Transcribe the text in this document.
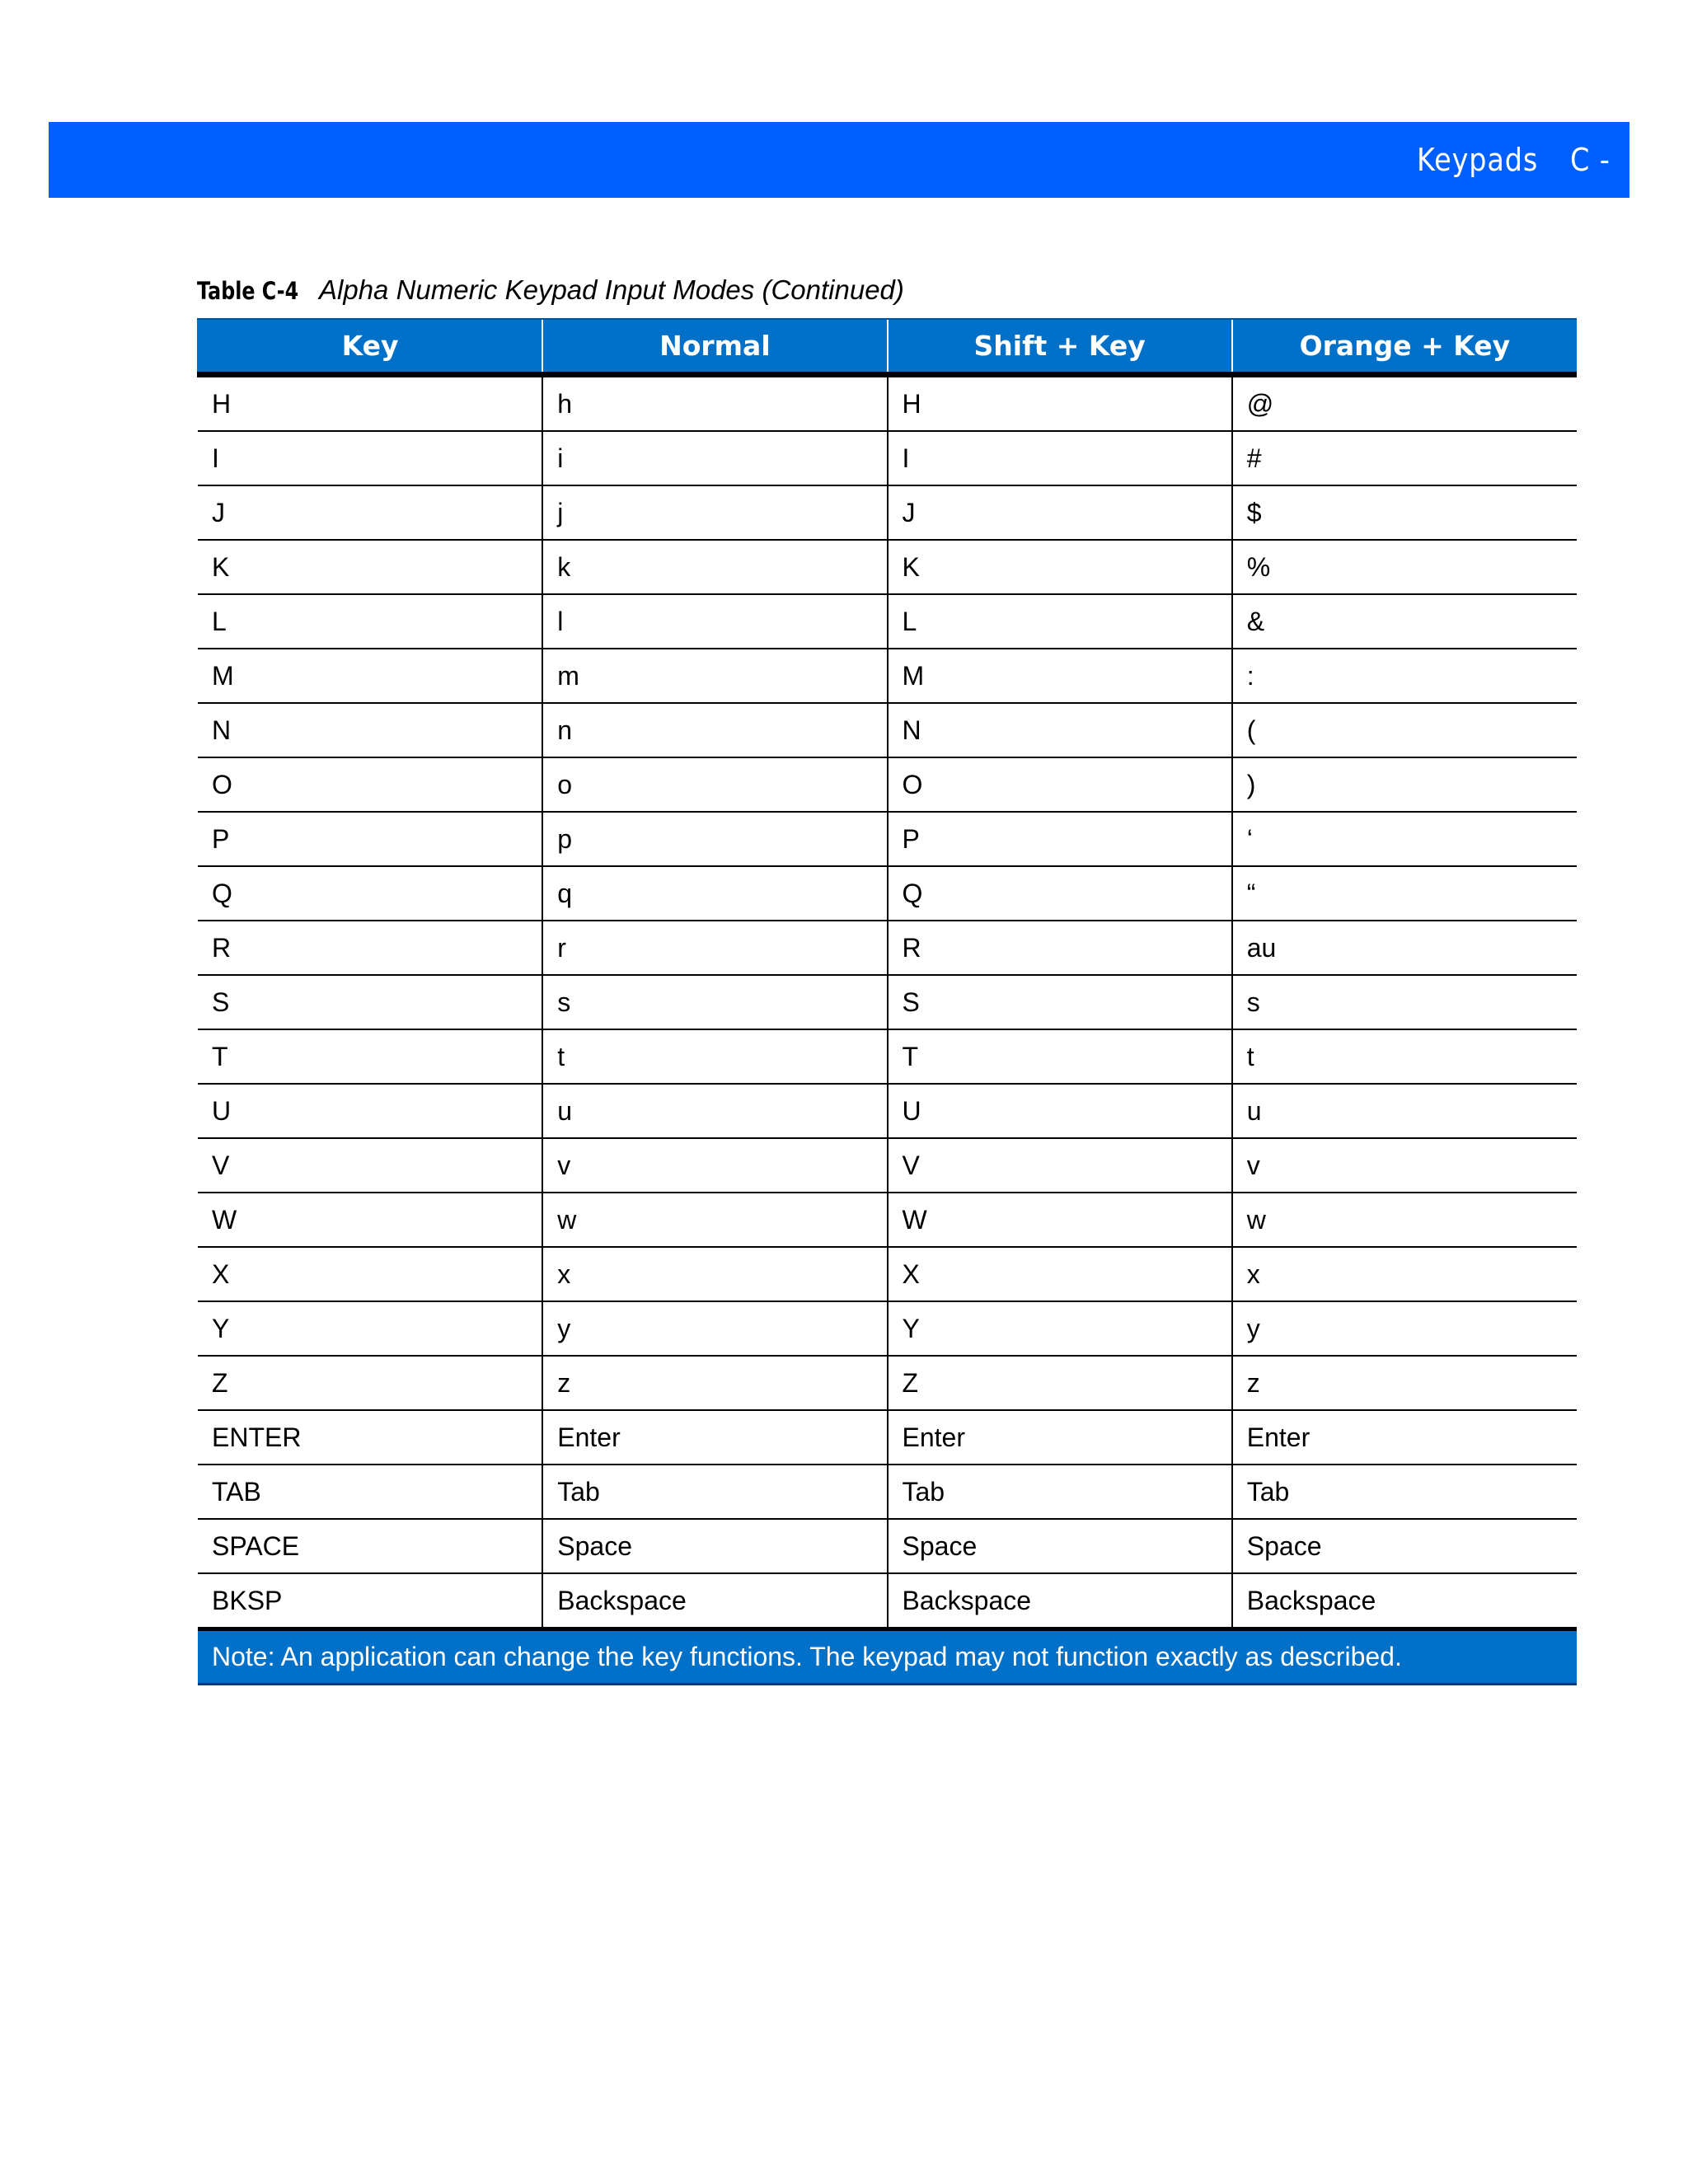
Keypads C - 9
Table C-4 Alpha Numeric Keypad Input Modes (Continued)
Key	Normal	Shift + Key	Orange + Key
H	h	H	@
I	i	I	#
J	j	J	$
K	k	K	%
L	l	L	&
M	m	M	:
N	n	N	(
O	o	O	)
P	p	P	‘
Q	q	Q	“
R	r	R	au
S	s	S	s
T	t	T	t
U	u	U	u
V	v	V	v
W	w	W	w
X	x	X	x
Y	y	Y	y
Z	z	Z	z
ENTER	Enter	Enter	Enter
TAB	Tab	Tab	Tab
SPACE	Space	Space	Space
BKSP	Backspace	Backspace	Backspace
Note: An application can change the key functions. The keypad may not function exactly as described.			
